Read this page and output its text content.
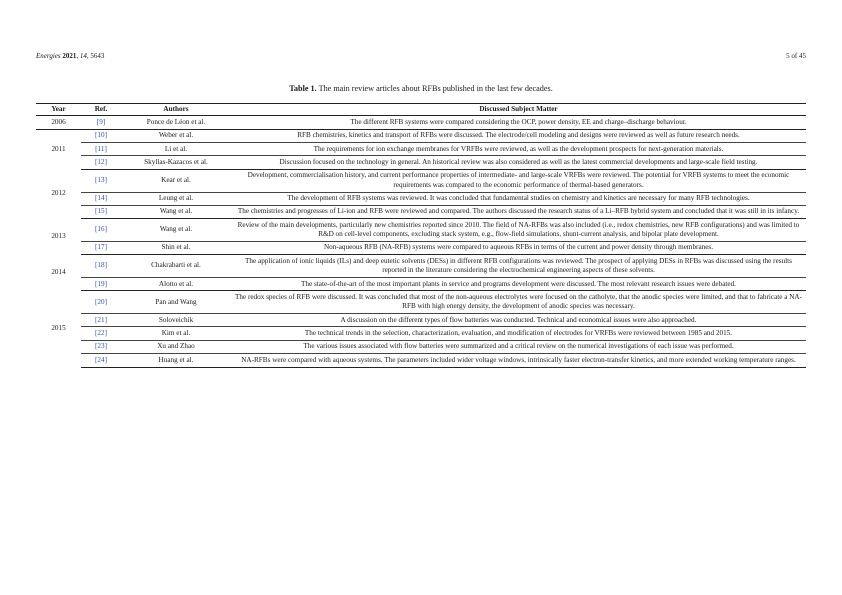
Energies 2021, 14, 5643	5 of 45
Table 1. The main review articles about RFBs published in the last few decades.
Year	Ref.	Authors	Discussed Subject Matter
2006	[9]	Ponce de Léon et al.	The different RFB systems were compared considering the OCP, power density, EE and charge–discharge behaviour.
2011	[10]	Weber et al.	RFB chemistries, kinetics and transport of RFBs were discussed. The electrode/cell modeling and designs were reviewed as well as future research needs.
	[11]	Li et al.	The requirements for ion exchange membranes for VRFBs were reviewed, as well as the development prospects for next-generation materials.
	[12]	Skyllas-Kazacos et al.	Discussion focused on the technology in general. An historical review was also considered as well as the latest commercial developments and large-scale field testing.
2012	[13]	Kear et al.	Development, commercialisation history, and current performance properties of intermediate- and large-scale VRFBs were reviewed. The potential for VRFB systems to meet the economic requirements was compared to the economic performance of thermal-based generators.
	[14]	Leung et al.	The development of RFB systems was reviewed. It was concluded that fundamental studies on chemistry and kinetics are necessary for many RFB technologies.
	[15]	Wang et al.	The chemistries and progresses of Li-ion and RFB were reviewed and compared. The authors discussed the research status of a Li–RFB hybrid system and concluded that it was still in its infancy.
2013	[16]	Wang et al.	Review of the main developments, particularly new chemistries reported since 2010. The field of NA-RFBs was also included (i.e., redox chemistries, new RFB configurations) and was limited to R&D on cell-level components, excluding stack system, e.g., flow-field simulations, shunt-current analysis, and bipolar plate development.
	[17]	Shin et al.	Non-aqueous RFB (NA-RFB) systems were compared to aqueous RFBs in terms of the current and power density through membranes.
2014	[18]	Chakrabarti et al.	The application of ionic liquids (ILs) and deep eutetic solvents (DESs) in different RFB configurations was reviewed. The prospect of applying DESs in RFBs was discussed using the results reported in the literature considering the electrochemical engineering aspects of these solvents.
	[19]	Alotto et al.	The state-of-the-art of the most important plants in service and programs development were discussed. The most relevant research issues were debated.
2015	[20]	Pan and Wang	The redox species of RFB were discussed. It was concluded that most of the non-aqueous electrolytes were focused on the catholyte, that the anodic species were limited, and that to fabricate a NA-RFB with high energy density, the development of anodic species was necessary.
	[21]	Soloveichik	A discussion on the different types of flow batteries was conducted. Technical and economical issues were also approached.
	[22]	Kim et al.	The technical trends in the selection, characterization, evaluation, and modification of electrodes for VRFBs were reviewed between 1985 and 2015.
	[23]	Xu and Zhao	The various issues associated with flow batteries were summarized and a critical review on the numerical investigations of each issue was performed.
	[24]	Huang et al.	NA-RFBs were compared with aqueous systems. The parameters included wider voltage windows, intrinsically faster electron-transfer kinetics, and more extended working temperature ranges.
